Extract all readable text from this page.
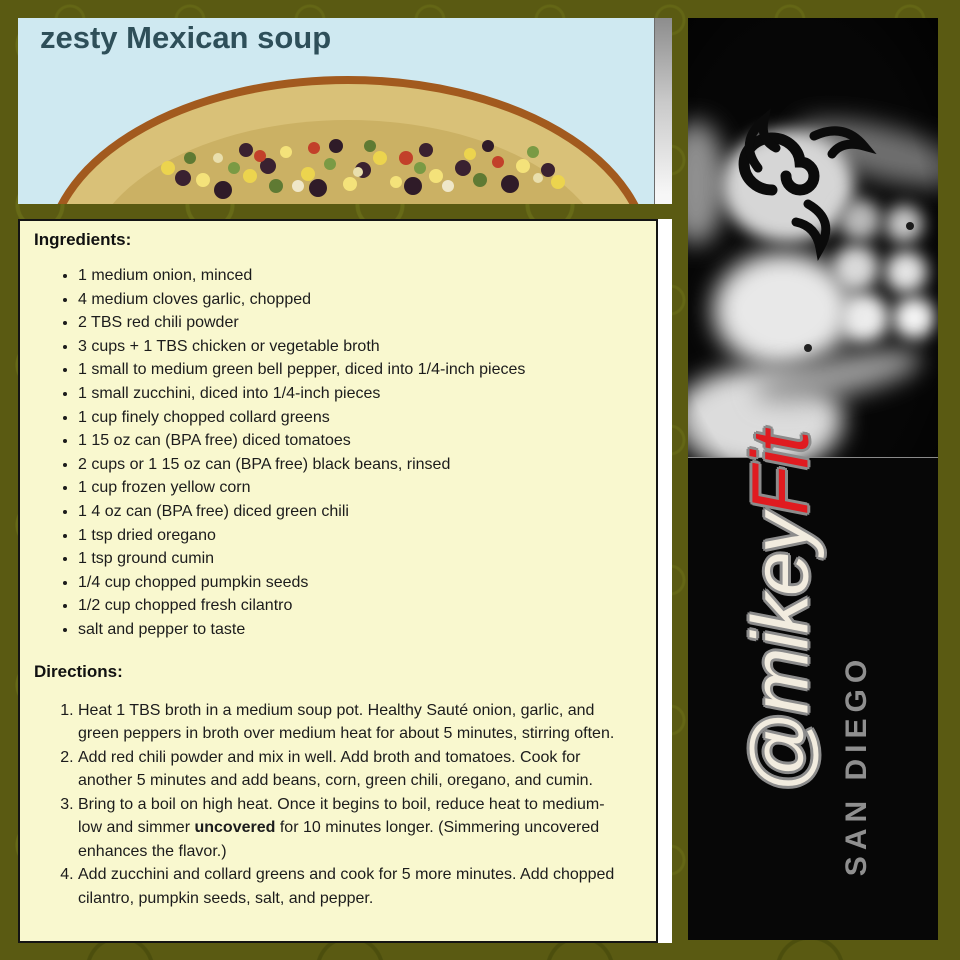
zesty Mexican soup
Ingredients:
• 1 medium onion, minced
• 4 medium cloves garlic, chopped
• 2 TBS red chili powder
• 3 cups + 1 TBS chicken or vegetable broth
• 1 small to medium green bell pepper, diced into 1/4-inch pieces
• 1 small zucchini, diced into 1/4-inch pieces
• 1 cup finely chopped collard greens
• 1 15 oz can (BPA free) diced tomatoes
• 2 cups or 1 15 oz can (BPA free) black beans, rinsed
• 1 cup frozen yellow corn
• 1 4 oz can (BPA free) diced green chili
• 1 tsp dried oregano
• 1 tsp ground cumin
• 1/4 cup chopped pumpkin seeds
• 1/2 cup chopped fresh cilantro
• salt and pepper to taste
Directions:
1. Heat 1 TBS broth in a medium soup pot. Healthy Sauté onion, garlic, and green peppers in broth over medium heat for about 5 minutes, stirring often.
2. Add red chili powder and mix in well. Add broth and tomatoes. Cook for another 5 minutes and add beans, corn, green chili, oregano, and cumin.
3. Bring to a boil on high heat. Once it begins to boil, reduce heat to medium-low and simmer uncovered for 10 minutes longer. (Simmering uncovered enhances the flavor.)
4. Add zucchini and collard greens and cook for 5 more minutes. Add chopped cilantro, pumpkin seeds, salt, and pepper.
@mikey
Fit
SAN DIEGO
